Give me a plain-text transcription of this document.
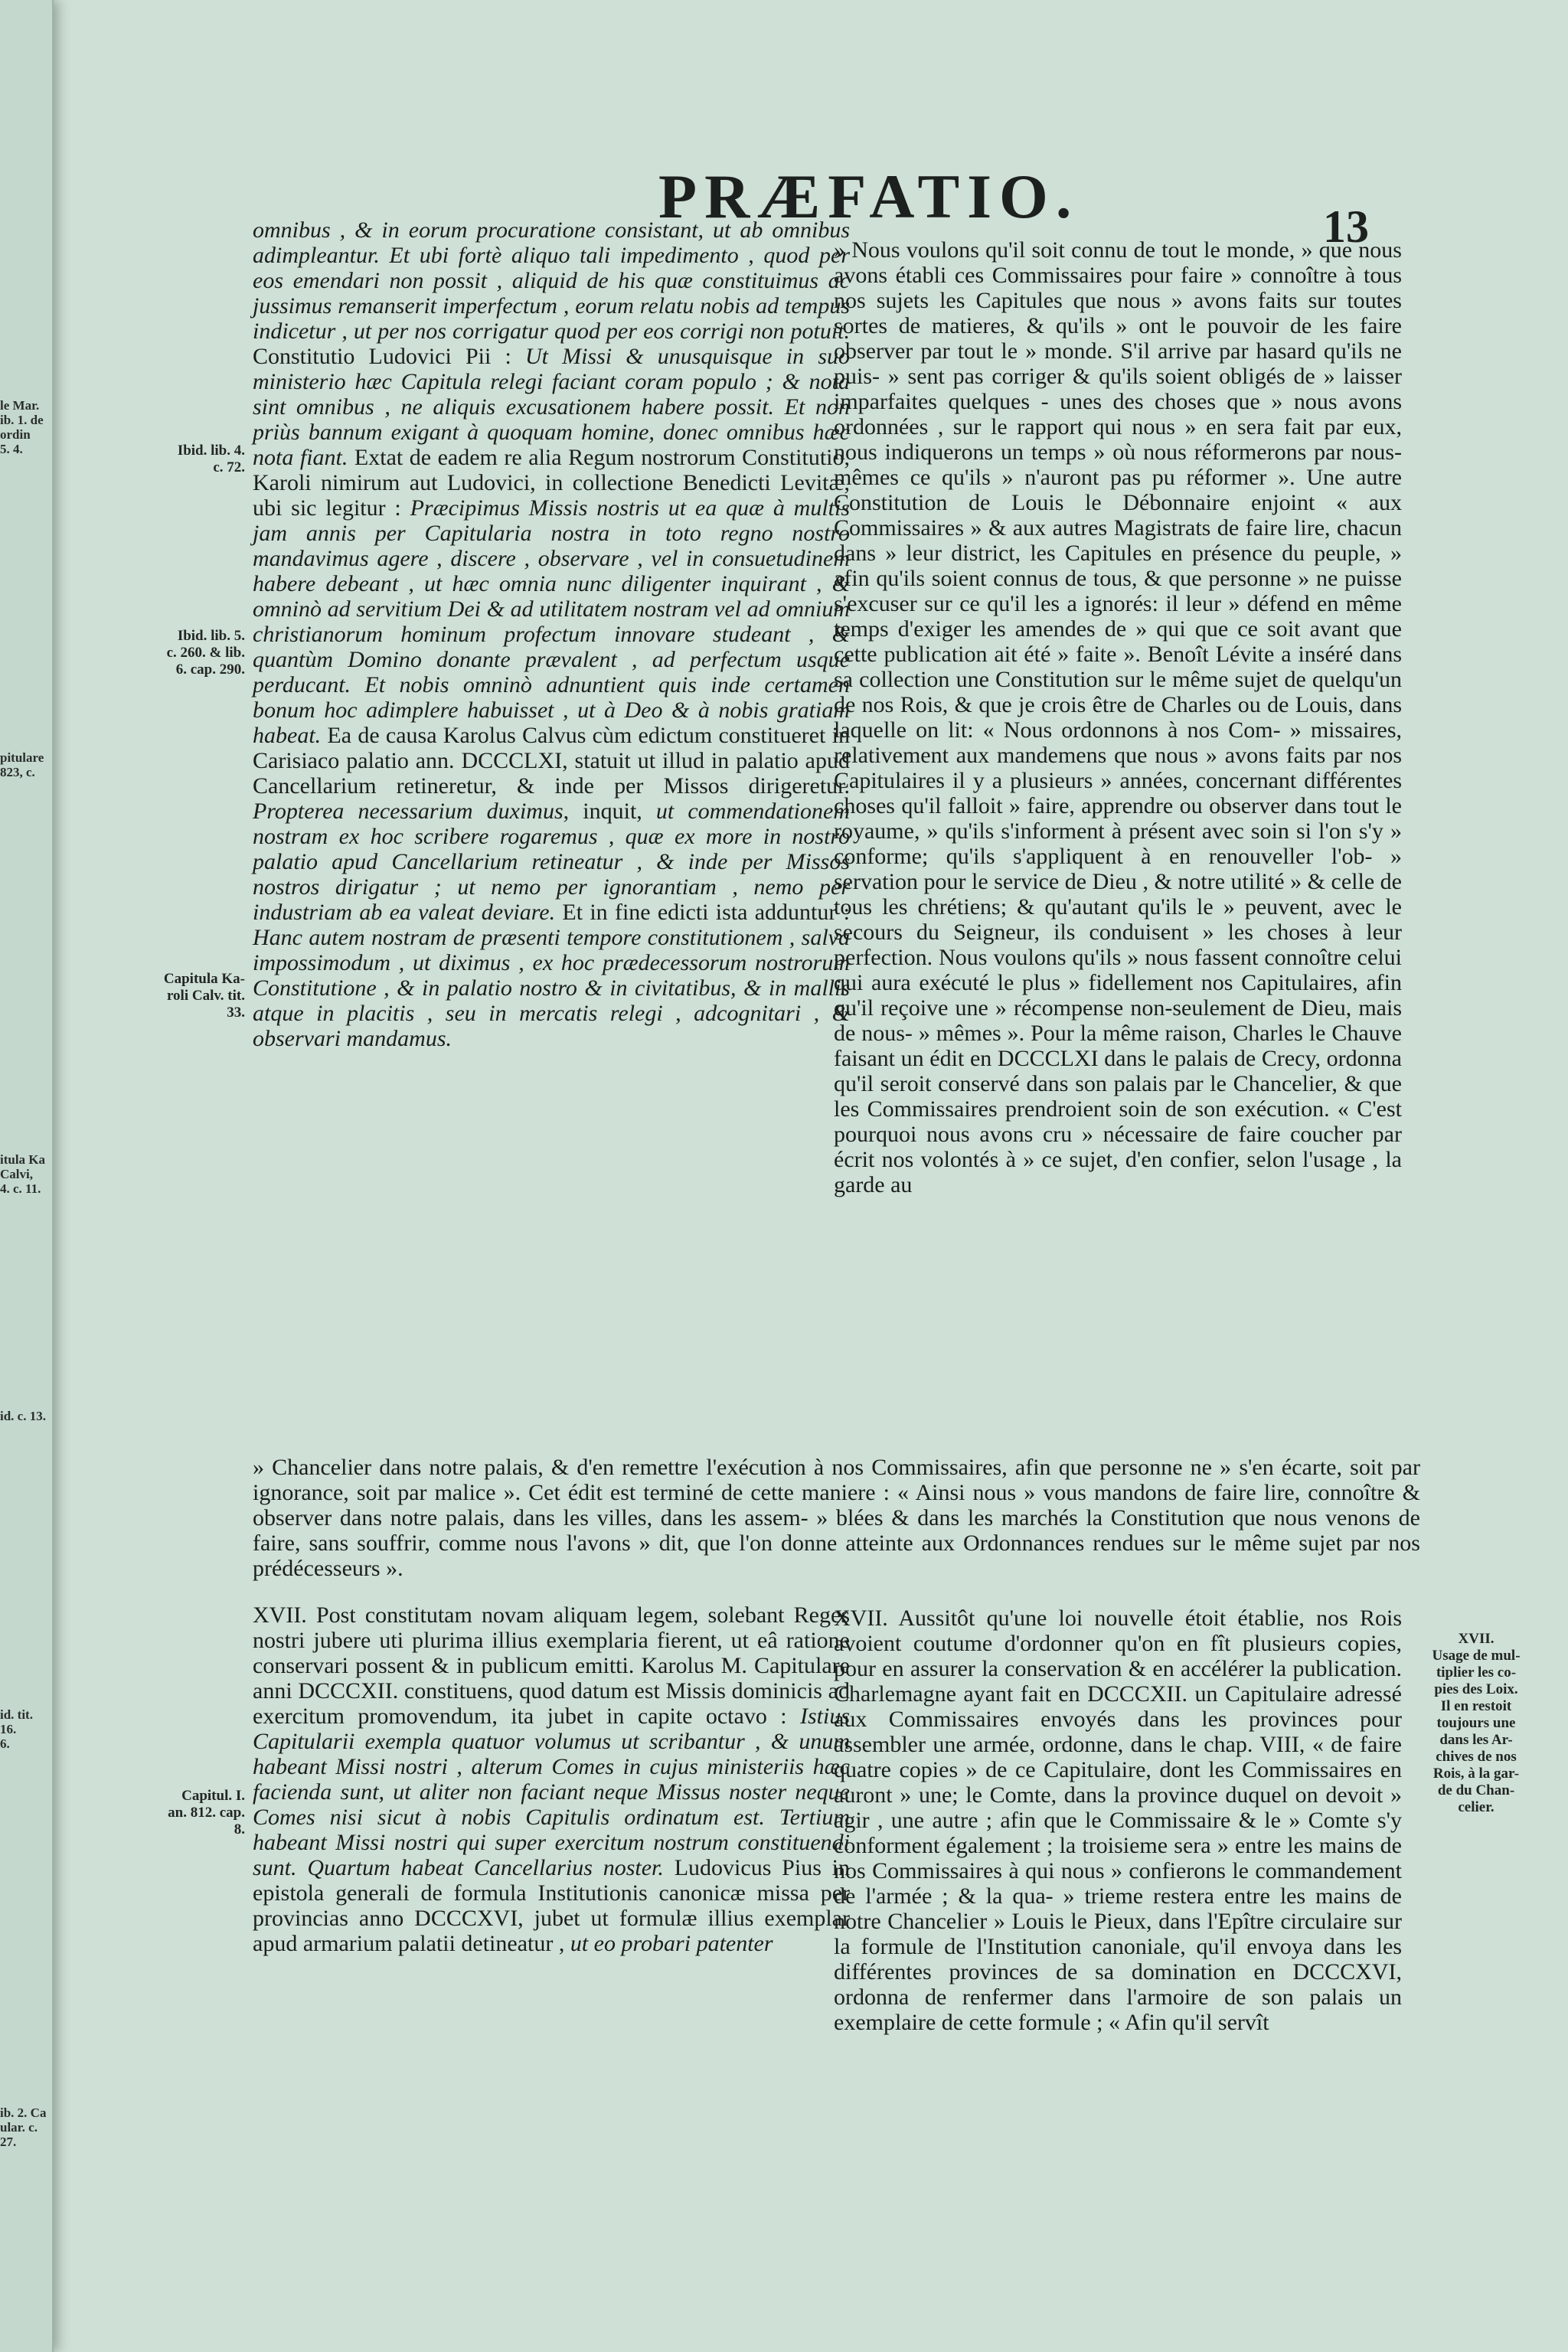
le Mar.
ib. 1. de
ordin
5. 4.
pitulare
823, c.
itula Ka
Calvi,
4. c. 11.
id. c. 13.
id. tit. 16.
6.
ib. 2. Ca
ular. c. 27.
PRÆFATIO.	13
Ibid. lib. 4.
c. 72.
Ibid. lib. 5.
c. 260. & lib.
6. cap. 290.
Capitula Ka-
roli Calv. tit.
33.
Capitul. I.
an. 812. cap.
8.
XVII.
Usage de mul-
tiplier les co-
pies des Loix.
Il en restoit
toujours une
dans les Ar-
chives de nos
Rois, à la gar-
de du Chan-
celier.

omnibus , & in eorum procuratione consistant, ut ab omnibus adimpleantur. Et ubi fortè aliquo tali impedimento , quod per eos emendari non possit , aliquid de his quæ constituimus ac jussimus remanserit imperfectum , eorum relatu nobis ad tempus indicetur , ut per nos corrigatur quod per eos corrigi non potuit. Constitutio Ludovici Pii : Ut Missi & unusquisque in suo ministerio hæc Capitula relegi faciant coram populo ; & nota sint omnibus , ne aliquis excusationem habere possit. Et non priùs bannum exigant à quoquam homine, donec omnibus hæc nota fiant. Extat de eadem re alia Regum nostrorum Constitutio, Karoli nimirum aut Ludovici, in collectione Benedicti Levitæ, ubi sic legitur : Præcipimus Missis nostris ut ea quæ à multis jam annis per Capitularia nostra in toto regno nostro mandavimus agere , discere , observare , vel in consuetudinem habere debeant , ut hæc omnia nunc diligenter inquirant , & omninò ad servitium Dei & ad utilitatem nostram vel ad omnium christianorum hominum profectum innovare studeant , & quantùm Domino donante prævalent , ad perfectum usque perducant. Et nobis omninò adnuntient quis inde certamen bonum hoc adimplere habuisset , ut à Deo & à nobis gratiam habeat. Ea de causa Karolus Calvus cùm edictum constitueret in Carisiaco palatio ann. DCCCLXI, statuit ut illud in palatio apud Cancellarium retineretur, & inde per Missos dirigeretur. Propterea necessarium duximus, inquit, ut commendationem nostram ex hoc scribere rogaremus , quæ ex more in nostro palatio apud Cancellarium retineatur , & inde per Missos nostros dirigatur ; ut nemo per ignorantiam , nemo per industriam ab ea valeat deviare. Et in fine edicti ista adduntur : Hanc autem nostram de præsenti tempore constitutionem , salva impossimodum , ut diximus , ex hoc prædecessorum nostrorum Constitutione , & in palatio nostro & in civitatibus, & in mallis atque in placitis , seu in mercatis relegi , adcognitari , & observari mandamus.

» Nous voulons qu'il soit connu de tout le monde, » que nous avons établi ces Commissaires pour faire » connoître à tous nos sujets les Capitules que nous » avons faits sur toutes sortes de matieres, & qu'ils » ont le pouvoir de les faire observer par tout le » monde. S'il arrive par hasard qu'ils ne puis- » sent pas corriger & qu'ils soient obligés de » laisser imparfaites quelques - unes des choses que » nous avons ordonnées , sur le rapport qui nous » en sera fait par eux, nous indiquerons un temps » où nous réformerons par nous-mêmes ce qu'ils » n'auront pas pu réformer ». Une autre Constitution de Louis le Débonnaire enjoint « aux Commissaires » & aux autres Magistrats de faire lire, chacun dans » leur district, les Capitules en présence du peuple, » afin qu'ils soient connus de tous, & que personne » ne puisse s'excuser sur ce qu'il les a ignorés: il leur » défend en même temps d'exiger les amendes de » qui que ce soit avant que cette publication ait été » faite ». Benoît Lévite a inséré dans sa collection une Constitution sur le même sujet de quelqu'un de nos Rois, & que je crois être de Charles ou de Louis, dans laquelle on lit: « Nous ordonnons à nos Com- » missaires, relativement aux mandemens que nous » avons faits par nos Capitulaires il y a plusieurs » années, concernant différentes choses qu'il falloit » faire, apprendre ou observer dans tout le royaume, » qu'ils s'informent à présent avec soin si l'on s'y » conforme; qu'ils s'appliquent à en renouveller l'ob- » servation pour le service de Dieu , & notre utilité » & celle de tous les chrétiens; & qu'autant qu'ils le » peuvent, avec le secours du Seigneur, ils conduisent » les choses à leur perfection. Nous voulons qu'ils » nous fassent connoître celui qui aura exécuté le plus » fidellement nos Capitulaires, afin qu'il reçoive une » récompense non-seulement de Dieu, mais de nous- » mêmes ». Pour la même raison, Charles le Chauve faisant un édit en DCCCLXI dans le palais de Crecy, ordonna qu'il seroit conservé dans son palais par le Chancelier, & que les Commissaires prendroient soin de son exécution. « C'est pourquoi nous avons cru » nécessaire de faire coucher par écrit nos volontés à » ce sujet, d'en confier, selon l'usage , la garde au

» Chancelier dans notre palais, & d'en remettre l'exécution à nos Commissaires, afin que personne ne » s'en écarte, soit par ignorance, soit par malice ». Cet édit est terminé de cette maniere : « Ainsi nous » vous mandons de faire lire, connoître & observer dans notre palais, dans les villes, dans les assem- » blées & dans les marchés la Constitution que nous venons de faire, sans souffrir, comme nous l'avons » dit, que l'on donne atteinte aux Ordonnances rendues sur le même sujet par nos prédécesseurs ».

XVII. Post constitutam novam aliquam legem, solebant Reges nostri jubere uti plurima illius exemplaria fierent, ut eâ ratione conservari possent & in publicum emitti. Karolus M. Capitulare anni DCCCXII. constituens, quod datum est Missis dominicis ad exercitum promovendum, ita jubet in capite octavo : Istius Capitularii exempla quatuor volumus ut scribantur , & unum habeant Missi nostri , alterum Comes in cujus ministeriis hæc facienda sunt, ut aliter non faciant neque Missus noster neque Comes nisi sicut à nobis Capitulis ordinatum est. Tertium habeant Missi nostri qui super exercitum nostrum constituendi sunt. Quartum habeat Cancellarius noster. Ludovicus Pius in epistola generali de formula Institutionis canonicæ missa per provincias anno DCCCXVI, jubet ut formulæ illius exemplar apud armarium palatii detineatur , ut eo probari patenter

XVII. Aussitôt qu'une loi nouvelle étoit établie, nos Rois avoient coutume d'ordonner qu'on en fît plusieurs copies, pour en assurer la conservation & en accélérer la publication. Charlemagne ayant fait en DCCCXII. un Capitulaire adressé aux Commissaires envoyés dans les provinces pour assembler une armée, ordonne, dans le chap. VIII, « de faire quatre copies » de ce Capitulaire, dont les Commissaires en auront » une; le Comte, dans la province duquel on devoit » agir , une autre ; afin que le Commissaire & le » Comte s'y conforment également ; la troisieme sera » entre les mains de nos Commissaires à qui nous » confierons le commandement de l'armée ; & la qua- » trieme restera entre les mains de notre Chancelier » Louis le Pieux, dans l'Epître circulaire sur la formule de l'Institution canoniale, qu'il envoya dans les différentes provinces de sa domination en DCCCXVI, ordonna de renfermer dans l'armoire de son palais un exemplaire de cette formule ; « Afin qu'il servît
